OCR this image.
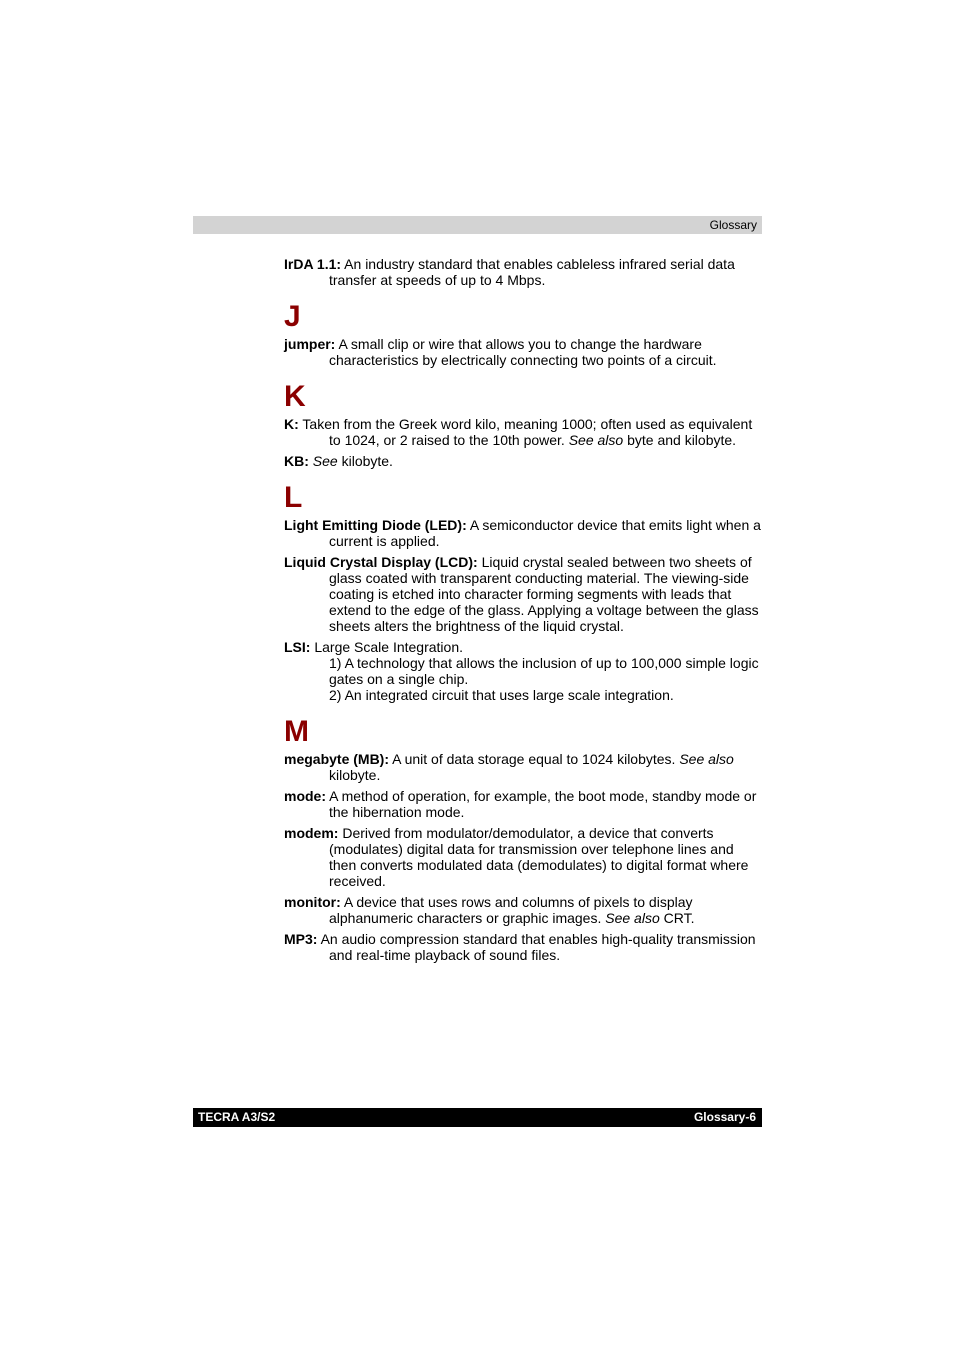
Glossary

IrDA 1.1: An industry standard that enables cableless infrared serial data transfer at speeds of up to 4 Mbps.

J

jumper: A small clip or wire that allows you to change the hardware characteristics by electrically connecting two points of a circuit.

K

K: Taken from the Greek word kilo, meaning 1000; often used as equivalent to 1024, or 2 raised to the 10th power. See also byte and kilobyte.

KB: See kilobyte.

L

Light Emitting Diode (LED): A semiconductor device that emits light when a current is applied.

Liquid Crystal Display (LCD): Liquid crystal sealed between two sheets of glass coated with transparent conducting material. The viewing-side coating is etched into character forming segments with leads that extend to the edge of the glass. Applying a voltage between the glass sheets alters the brightness of the liquid crystal.

LSI: Large Scale Integration.
1) A technology that allows the inclusion of up to 100,000 simple logic gates on a single chip.
2) An integrated circuit that uses large scale integration.

M

megabyte (MB): A unit of data storage equal to 1024 kilobytes. See also kilobyte.

mode: A method of operation, for example, the boot mode, standby mode or the hibernation mode.

modem: Derived from modulator/demodulator, a device that converts (modulates) digital data for transmission over telephone lines and then converts modulated data (demodulates) to digital format where received.

monitor: A device that uses rows and columns of pixels to display alphanumeric characters or graphic images. See also CRT.

MP3: An audio compression standard that enables high-quality transmission and real-time playback of sound files.

TECRA A3/S2	Glossary-6
